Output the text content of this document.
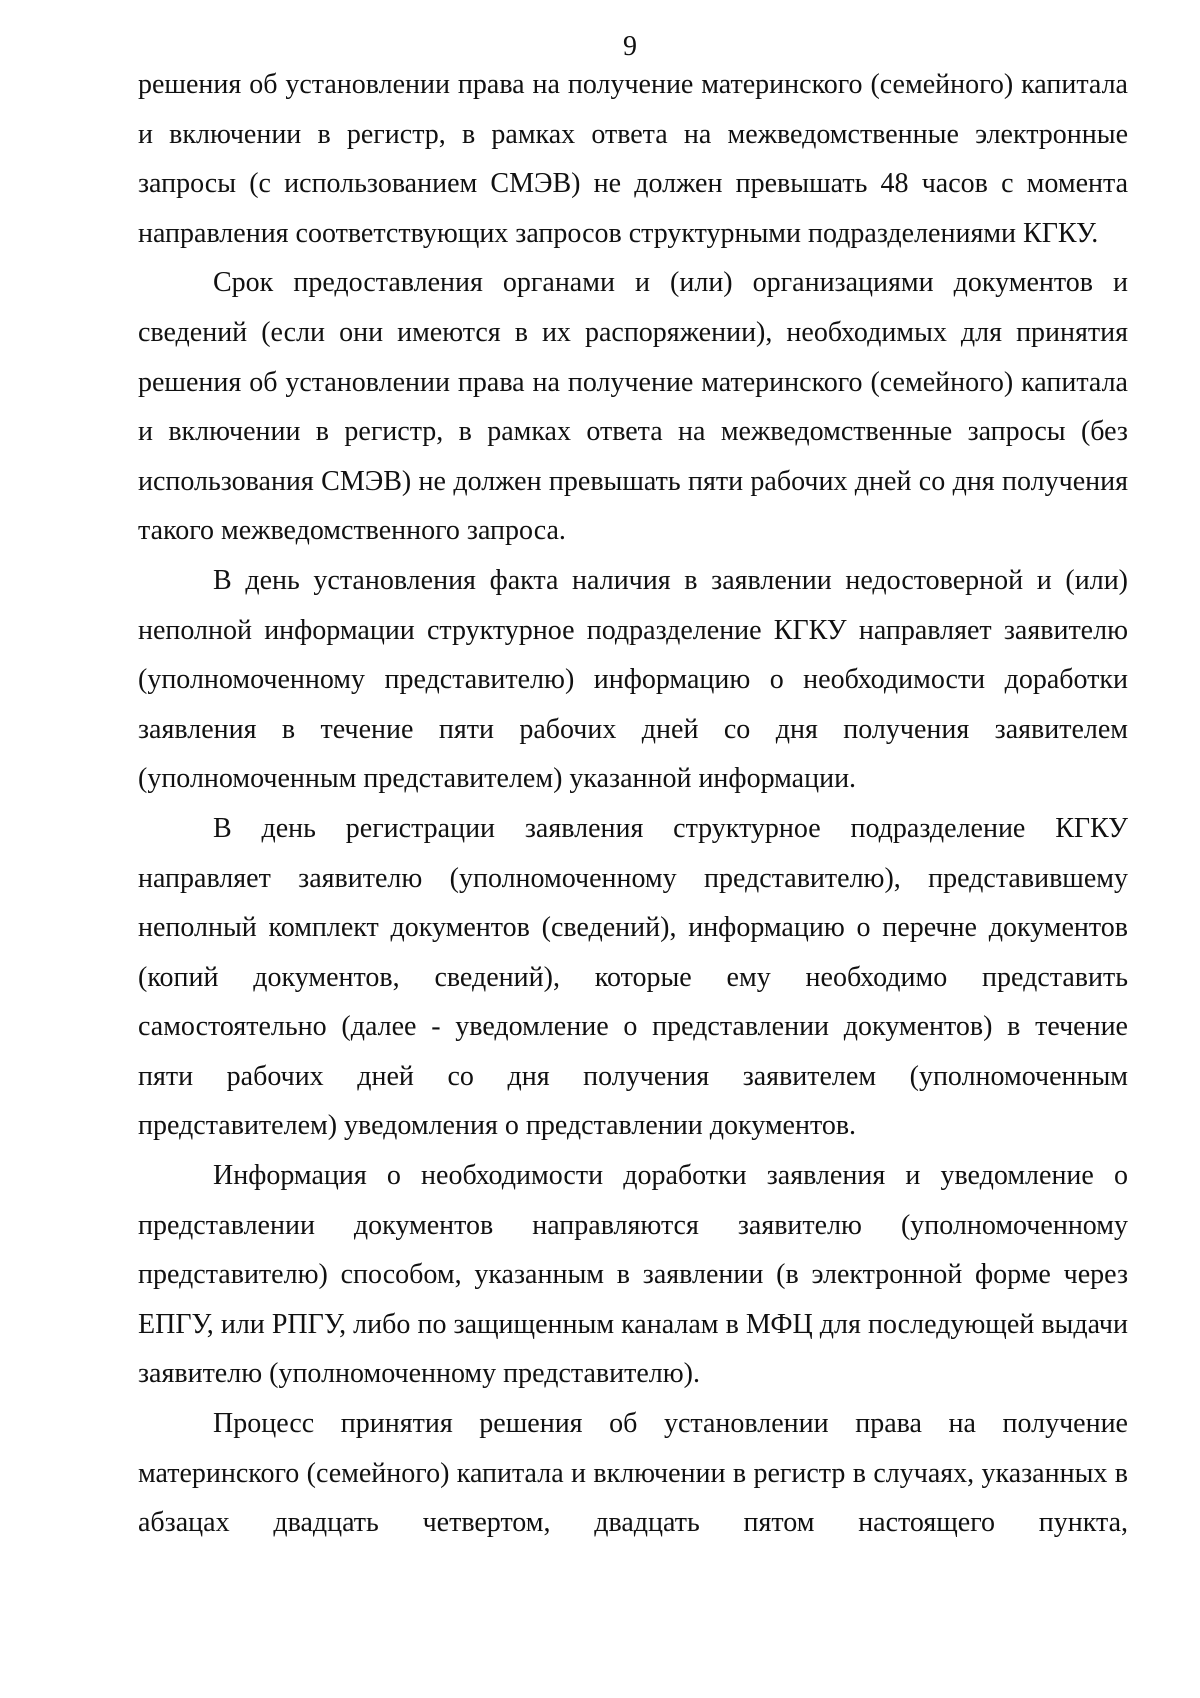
9

решения об установлении права на получение материнского (семейного) капитала и включении в регистр, в рамках ответа на межведомственные электронные запросы (с использованием СМЭВ) не должен превышать 48 часов с момента направления соответствующих запросов структурными подразделениями КГКУ.

Срок предоставления органами и (или) организациями документов и сведений (если они имеются в их распоряжении), необходимых для принятия решения об установлении права на получение материнского (семейного) капитала и включении в регистр, в рамках ответа на межведомственные запросы (без использования СМЭВ) не должен превышать пяти рабочих дней со дня получения такого межведомственного запроса.

В день установления факта наличия в заявлении недостоверной и (или) неполной информации структурное подразделение КГКУ направляет заявителю (уполномоченному представителю) информацию о необходимости доработки заявления в течение пяти рабочих дней со дня получения заявителем (уполномоченным представителем) указанной информации.

В день регистрации заявления структурное подразделение КГКУ направляет заявителю (уполномоченному представителю), представившему неполный комплект документов (сведений), информацию о перечне документов (копий документов, сведений), которые ему необходимо представить самостоятельно (далее - уведомление о представлении документов) в течение пяти рабочих дней со дня получения заявителем (уполномоченным представителем) уведомления о представлении документов.

Информация о необходимости доработки заявления и уведомление о представлении документов направляются заявителю (уполномоченному представителю) способом, указанным в заявлении (в электронной форме через ЕПГУ, или РПГУ, либо по защищенным каналам в МФЦ для последующей выдачи заявителю (уполномоченному представителю).

Процесс принятия решения об установлении права на получение материнского (семейного) капитала и включении в регистр в случаях, указанных в абзацах двадцать четвертом, двадцать пятом настоящего пункта,
